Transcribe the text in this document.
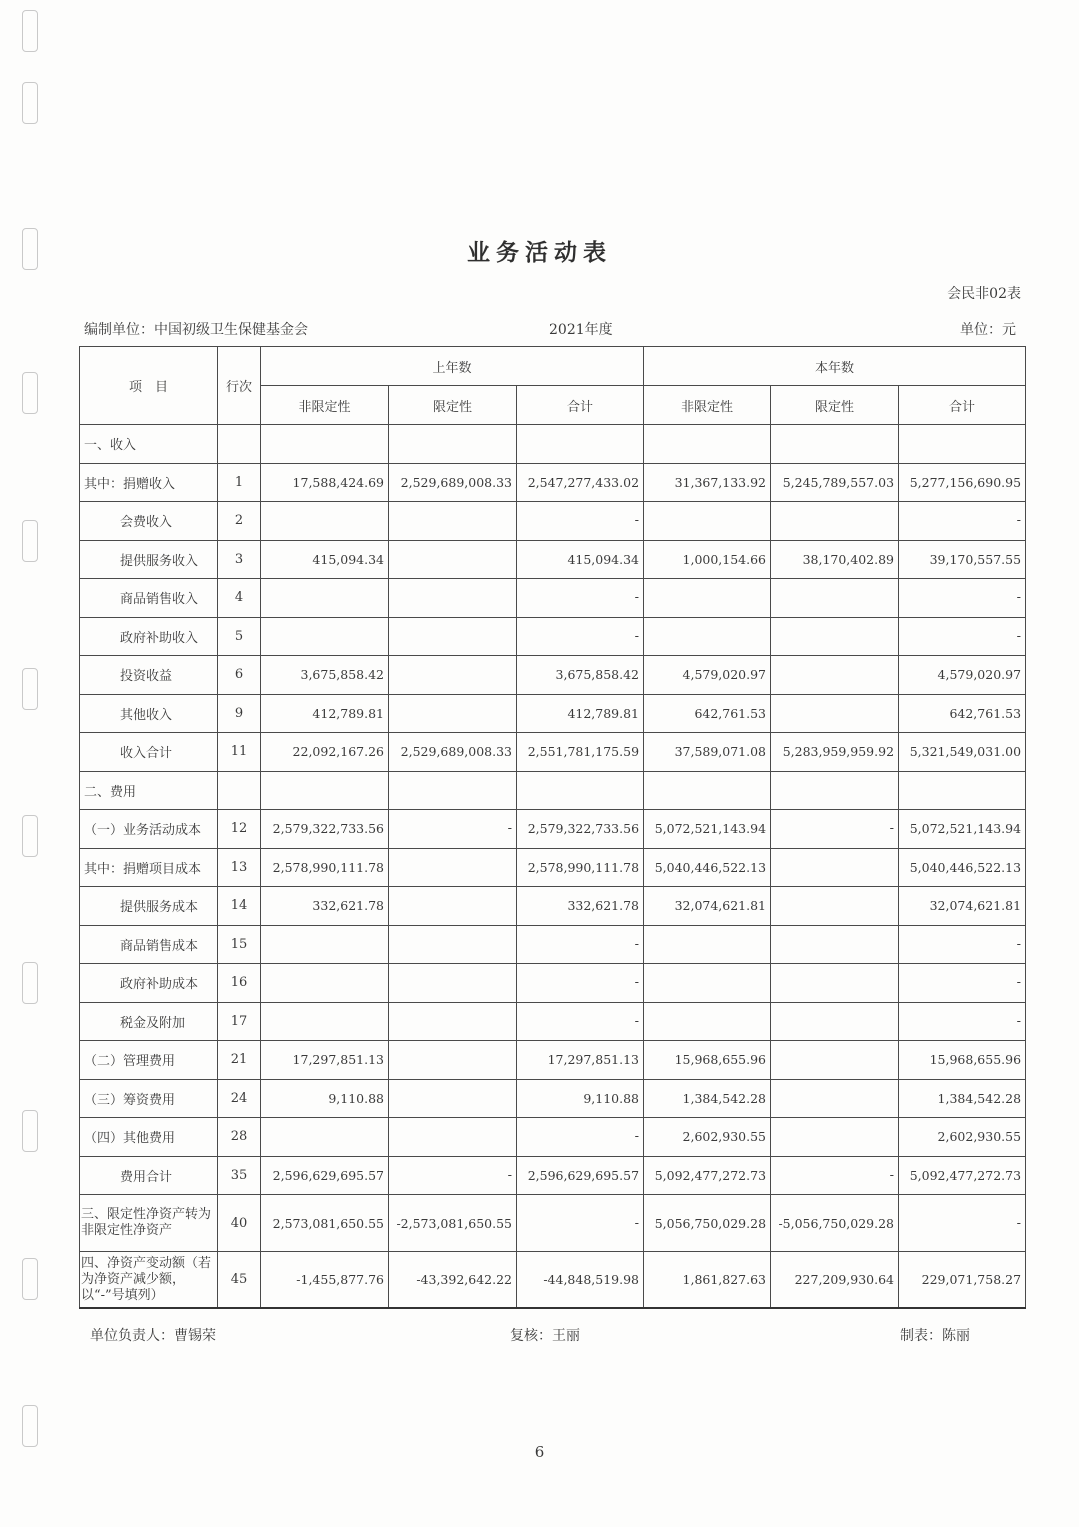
业务活动表
会民非02表
编制单位：中国初级卫生保健基金会	2021年度	单位：元
项　目	行次	上年数			本年数		
		非限定性	限定性	合计	非限定性	限定性	合计
一、收入							
其中：捐赠收入	1	17,588,424.69	2,529,689,008.33	2,547,277,433.02	31,367,133.92	5,245,789,557.03	5,277,156,690.95
会费收入	2			-			-
提供服务收入	3	415,094.34		415,094.34	1,000,154.66	38,170,402.89	39,170,557.55
商品销售收入	4			-			-
政府补助收入	5			-			-
投资收益	6	3,675,858.42		3,675,858.42	4,579,020.97		4,579,020.97
其他收入	9	412,789.81		412,789.81	642,761.53		642,761.53
收入合计	11	22,092,167.26	2,529,689,008.33	2,551,781,175.59	37,589,071.08	5,283,959,959.92	5,321,549,031.00
二、费用							
（一）业务活动成本	12	2,579,322,733.56	-	2,579,322,733.56	5,072,521,143.94	-	5,072,521,143.94
其中：捐赠项目成本	13	2,578,990,111.78		2,578,990,111.78	5,040,446,522.13		5,040,446,522.13
提供服务成本	14	332,621.78		332,621.78	32,074,621.81		32,074,621.81
商品销售成本	15			-			-
政府补助成本	16			-			-
税金及附加	17			-			-
（二）管理费用	21	17,297,851.13		17,297,851.13	15,968,655.96		15,968,655.96
（三）筹资费用	24	9,110.88		9,110.88	1,384,542.28		1,384,542.28
（四）其他费用	28			-	2,602,930.55		2,602,930.55
费用合计	35	2,596,629,695.57	-	2,596,629,695.57	5,092,477,272.73	-	5,092,477,272.73
三、限定性净资产转为非限定性净资产	40	2,573,081,650.55	-2,573,081,650.55	-	5,056,750,029.28	-5,056,750,029.28	-
四、净资产变动额（若为净资产减少额，以“-”号填列）	45	-1,455,877.76	-43,392,642.22	-44,848,519.98	1,861,827.63	227,209,930.64	229,071,758.27
单位负责人：曹锡荣	复核：王丽	制表：陈丽
6
